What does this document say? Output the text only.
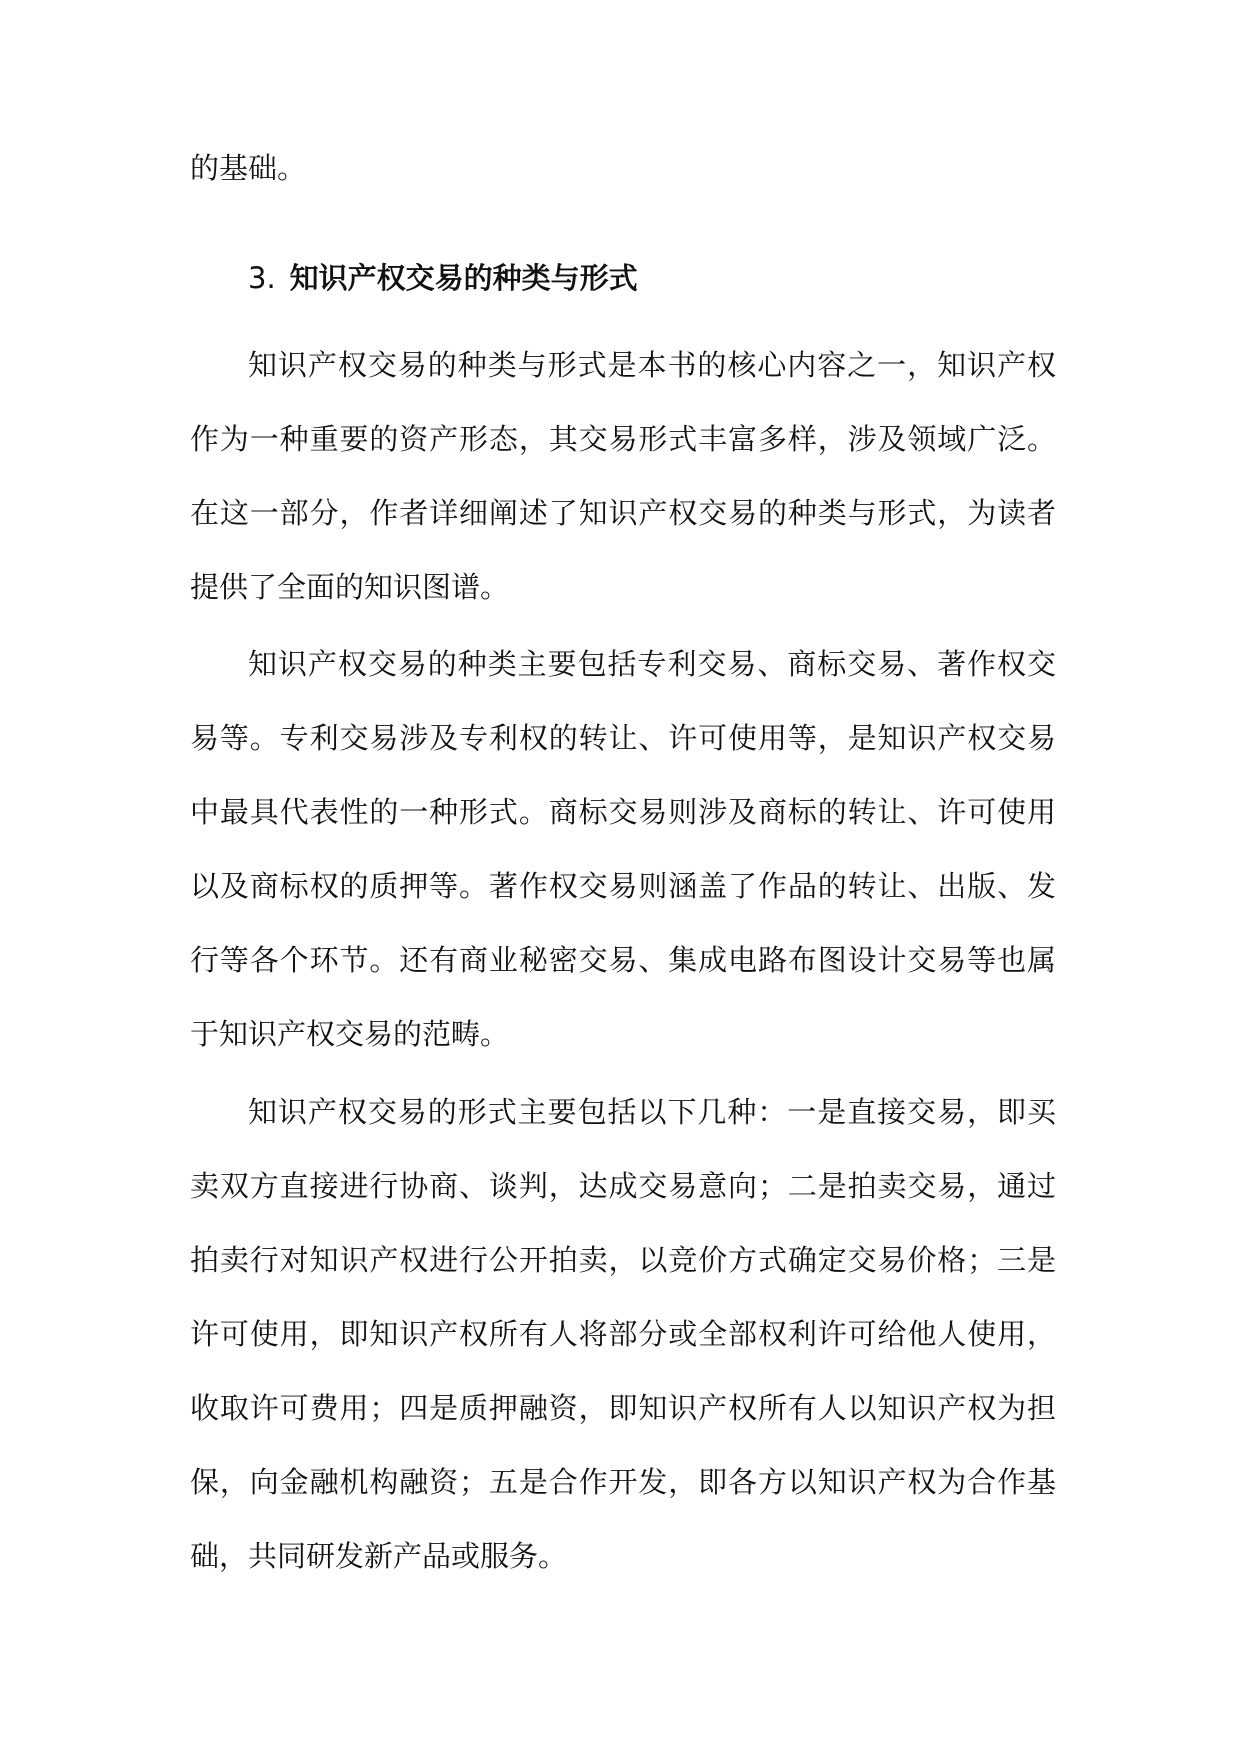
的基础。

3. 知识产权交易的种类与形式

知识产权交易的种类与形式是本书的核心内容之一，知识产权作为一种重要的资产形态，其交易形式丰富多样，涉及领域广泛。在这一部分，作者详细阐述了知识产权交易的种类与形式，为读者提供了全面的知识图谱。

知识产权交易的种类主要包括专利交易、商标交易、著作权交易等。专利交易涉及专利权的转让、许可使用等，是知识产权交易中最具代表性的一种形式。商标交易则涉及商标的转让、许可使用以及商标权的质押等。著作权交易则涵盖了作品的转让、出版、发行等各个环节。还有商业秘密交易、集成电路布图设计交易等也属于知识产权交易的范畴。

知识产权交易的形式主要包括以下几种：一是直接交易，即买卖双方直接进行协商、谈判，达成交易意向；二是拍卖交易，通过拍卖行对知识产权进行公开拍卖，以竞价方式确定交易价格；三是许可使用，即知识产权所有人将部分或全部权利许可给他人使用，收取许可费用；四是质押融资，即知识产权所有人以知识产权为担保，向金融机构融资；五是合作开发，即各方以知识产权为合作基础，共同研发新产品或服务。
